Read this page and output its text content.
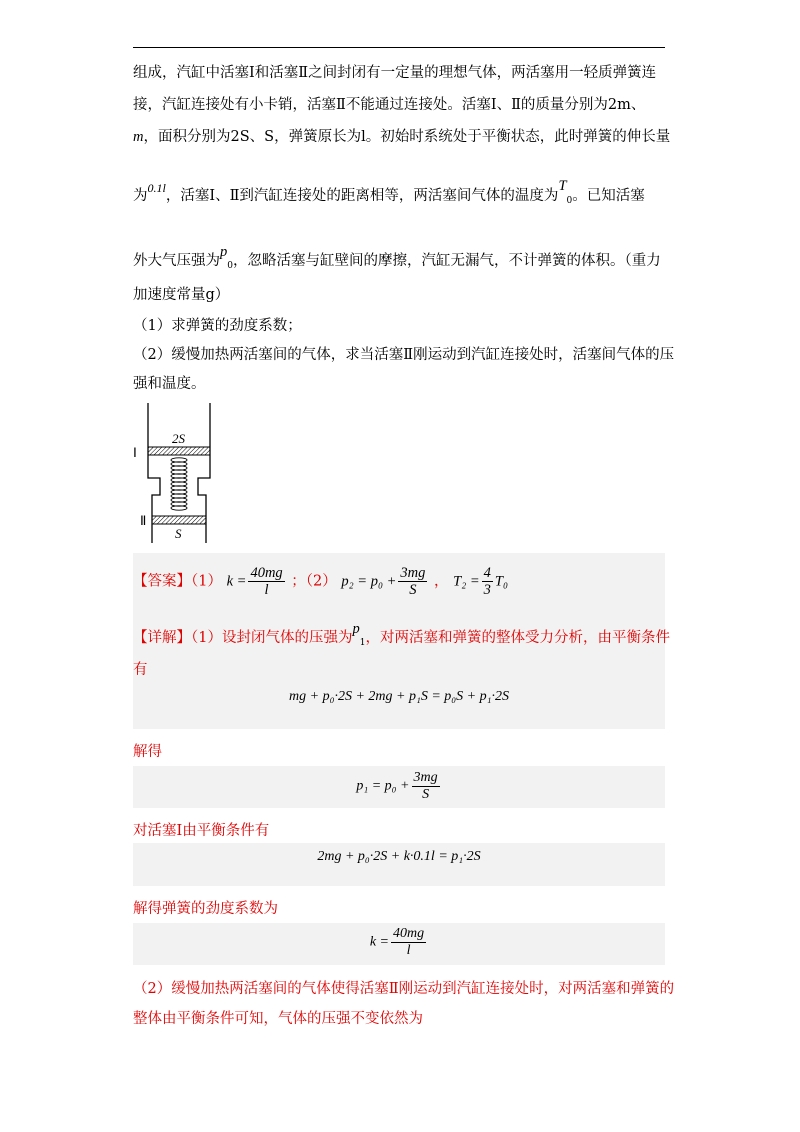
组成，汽缸中活塞Ⅰ和活塞Ⅱ之间封闭有一定量的理想气体，两活塞用一轻质弹簧连
接，汽缸连接处有小卡销，活塞Ⅱ不能通过连接处。活塞Ⅰ、Ⅱ的质量分别为2m、
m，面积分别为2S、S，弹簧原长为l。初始时系统处于平衡状态，此时弹簧的伸长量
为$^{0.1l}$，活塞Ⅰ、Ⅱ到汽缸连接处的距离相等，两活塞间气体的温度为$T_0$。已知活塞
外大气压强为$p_0$，忽略活塞与缸壁间的摩擦，汽缸无漏气，不计弹簧的体积。（重力
加速度常量g）
（1）求弹簧的劲度系数；
（2）缓慢加热两活塞间的气体，求当活塞Ⅱ刚运动到汽缸连接处时，活塞间气体的压
强和温度。
2S
Ⅰ
Ⅱ
S
【答案】（1） $k = \frac{40mg}{l}$ ；（2） $p_2 = p_0 + \frac{3mg}{S}$ ， $T_2 = \frac{4}{3} T_0$
【详解】（1）设封闭气体的压强为$p_1$，对两活塞和弹簧的整体受力分析，由平衡条件
有
mg + p₀·2S + 2mg + p₁S = p₀S + p₁·2S
解得
$p_1 = p_0 + \frac{3mg}{S}$
对活塞Ⅰ由平衡条件有
2mg + p₀·2S + k·0.1l = p₁·2S
解得弹簧的劲度系数为
$k = \frac{40mg}{l}$
（2）缓慢加热两活塞间的气体使得活塞Ⅱ刚运动到汽缸连接处时，对两活塞和弹簧的
整体由平衡条件可知，气体的压强不变依然为
